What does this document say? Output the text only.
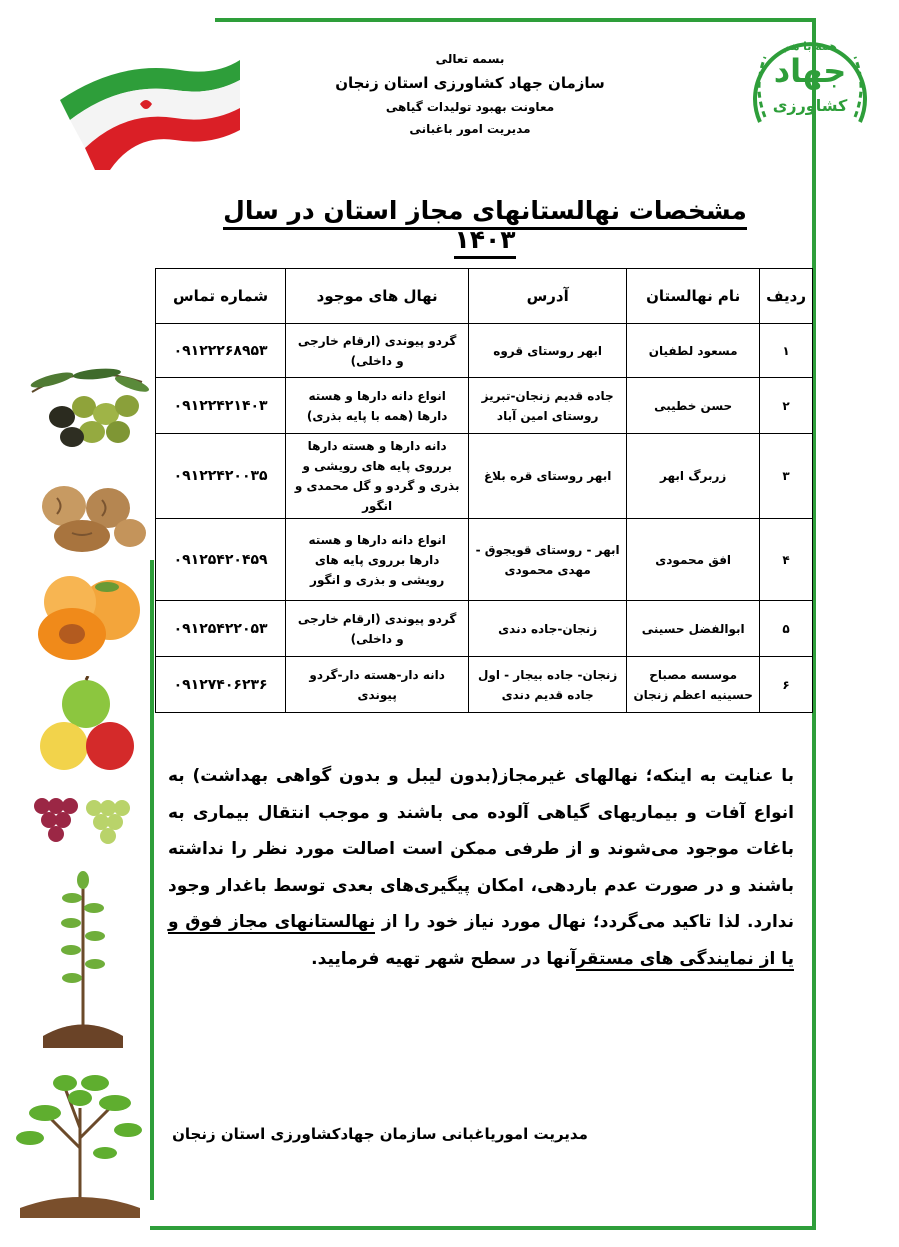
همه با هم
جهاد
کشاورزی
بسمه تعالی
سازمان جهاد کشاورزی استان زنجان
معاونت بهبود تولیدات گیاهی
مدیریت امور باغبانی
مشخصات نهالستانهای مجاز استان در سال ۱۴۰۳
ردیف	نام نهالستان	آدرس	نهال های موجود	شماره تماس
۱	مسعود لطفیان	ابهر روستای قروه	گردو پیوندی (ارقام خارجی و داخلی)	۰۹۱۲۲۲۶۸۹۵۳
۲	حسن خطیبی	جاده قدیم زنجان-تبریز روستای امین آباد	انواع دانه دارها و هسته دارها (همه با پایه بذری)	۰۹۱۲۲۴۲۱۴۰۳
۳	زربرگ ابهر	ابهر روستای قره بلاغ	دانه دارها و هسته دارها برروی پایه های رویشی و بذری و گردو و گل محمدی و انگور	۰۹۱۲۲۴۲۰۰۳۵
۴	افق محمودی	ابهر - روستای قویجوق - مهدی محمودی	انواع دانه دارها و هسته دارها برروی پایه های رویشی و بذری و انگور	۰۹۱۲۵۴۲۰۴۵۹
۵	ابوالفضل حسینی	زنجان-جاده دندی	گردو پیوندی (ارقام خارجی و داخلی)	۰۹۱۲۵۴۲۲۰۵۳
۶	موسسه مصباح حسینیه اعظم زنجان	زنجان- جاده بیجار - اول جاده قدیم دندی	دانه دار-هسته دار-گردو پیوندی	۰۹۱۲۷۴۰۶۲۳۶
با عنایت به اینکه؛ نهالهای غیرمجاز(بدون لیبل و بدون گواهی بهداشت) به انواع آفات و بیماریهای گیاهی آلوده می باشند و موجب انتقال بیماری به باغات موجود می‌شوند و از طرفی ممکن است اصالت مورد نظر را نداشته باشند و در صورت عدم باردهی، امکان پیگیری‌های بعدی توسط باغدار وجود ندارد. لذا تاکید می‌گردد؛ نهال مورد نیاز خود را از نهالستانهای مجاز فوق و یا از نمایندگی های مستقرآنها در سطح شهر تهیه فرمایید.
مدیریت اموریاغبانی سازمان جهادکشاورزی استان زنجان
